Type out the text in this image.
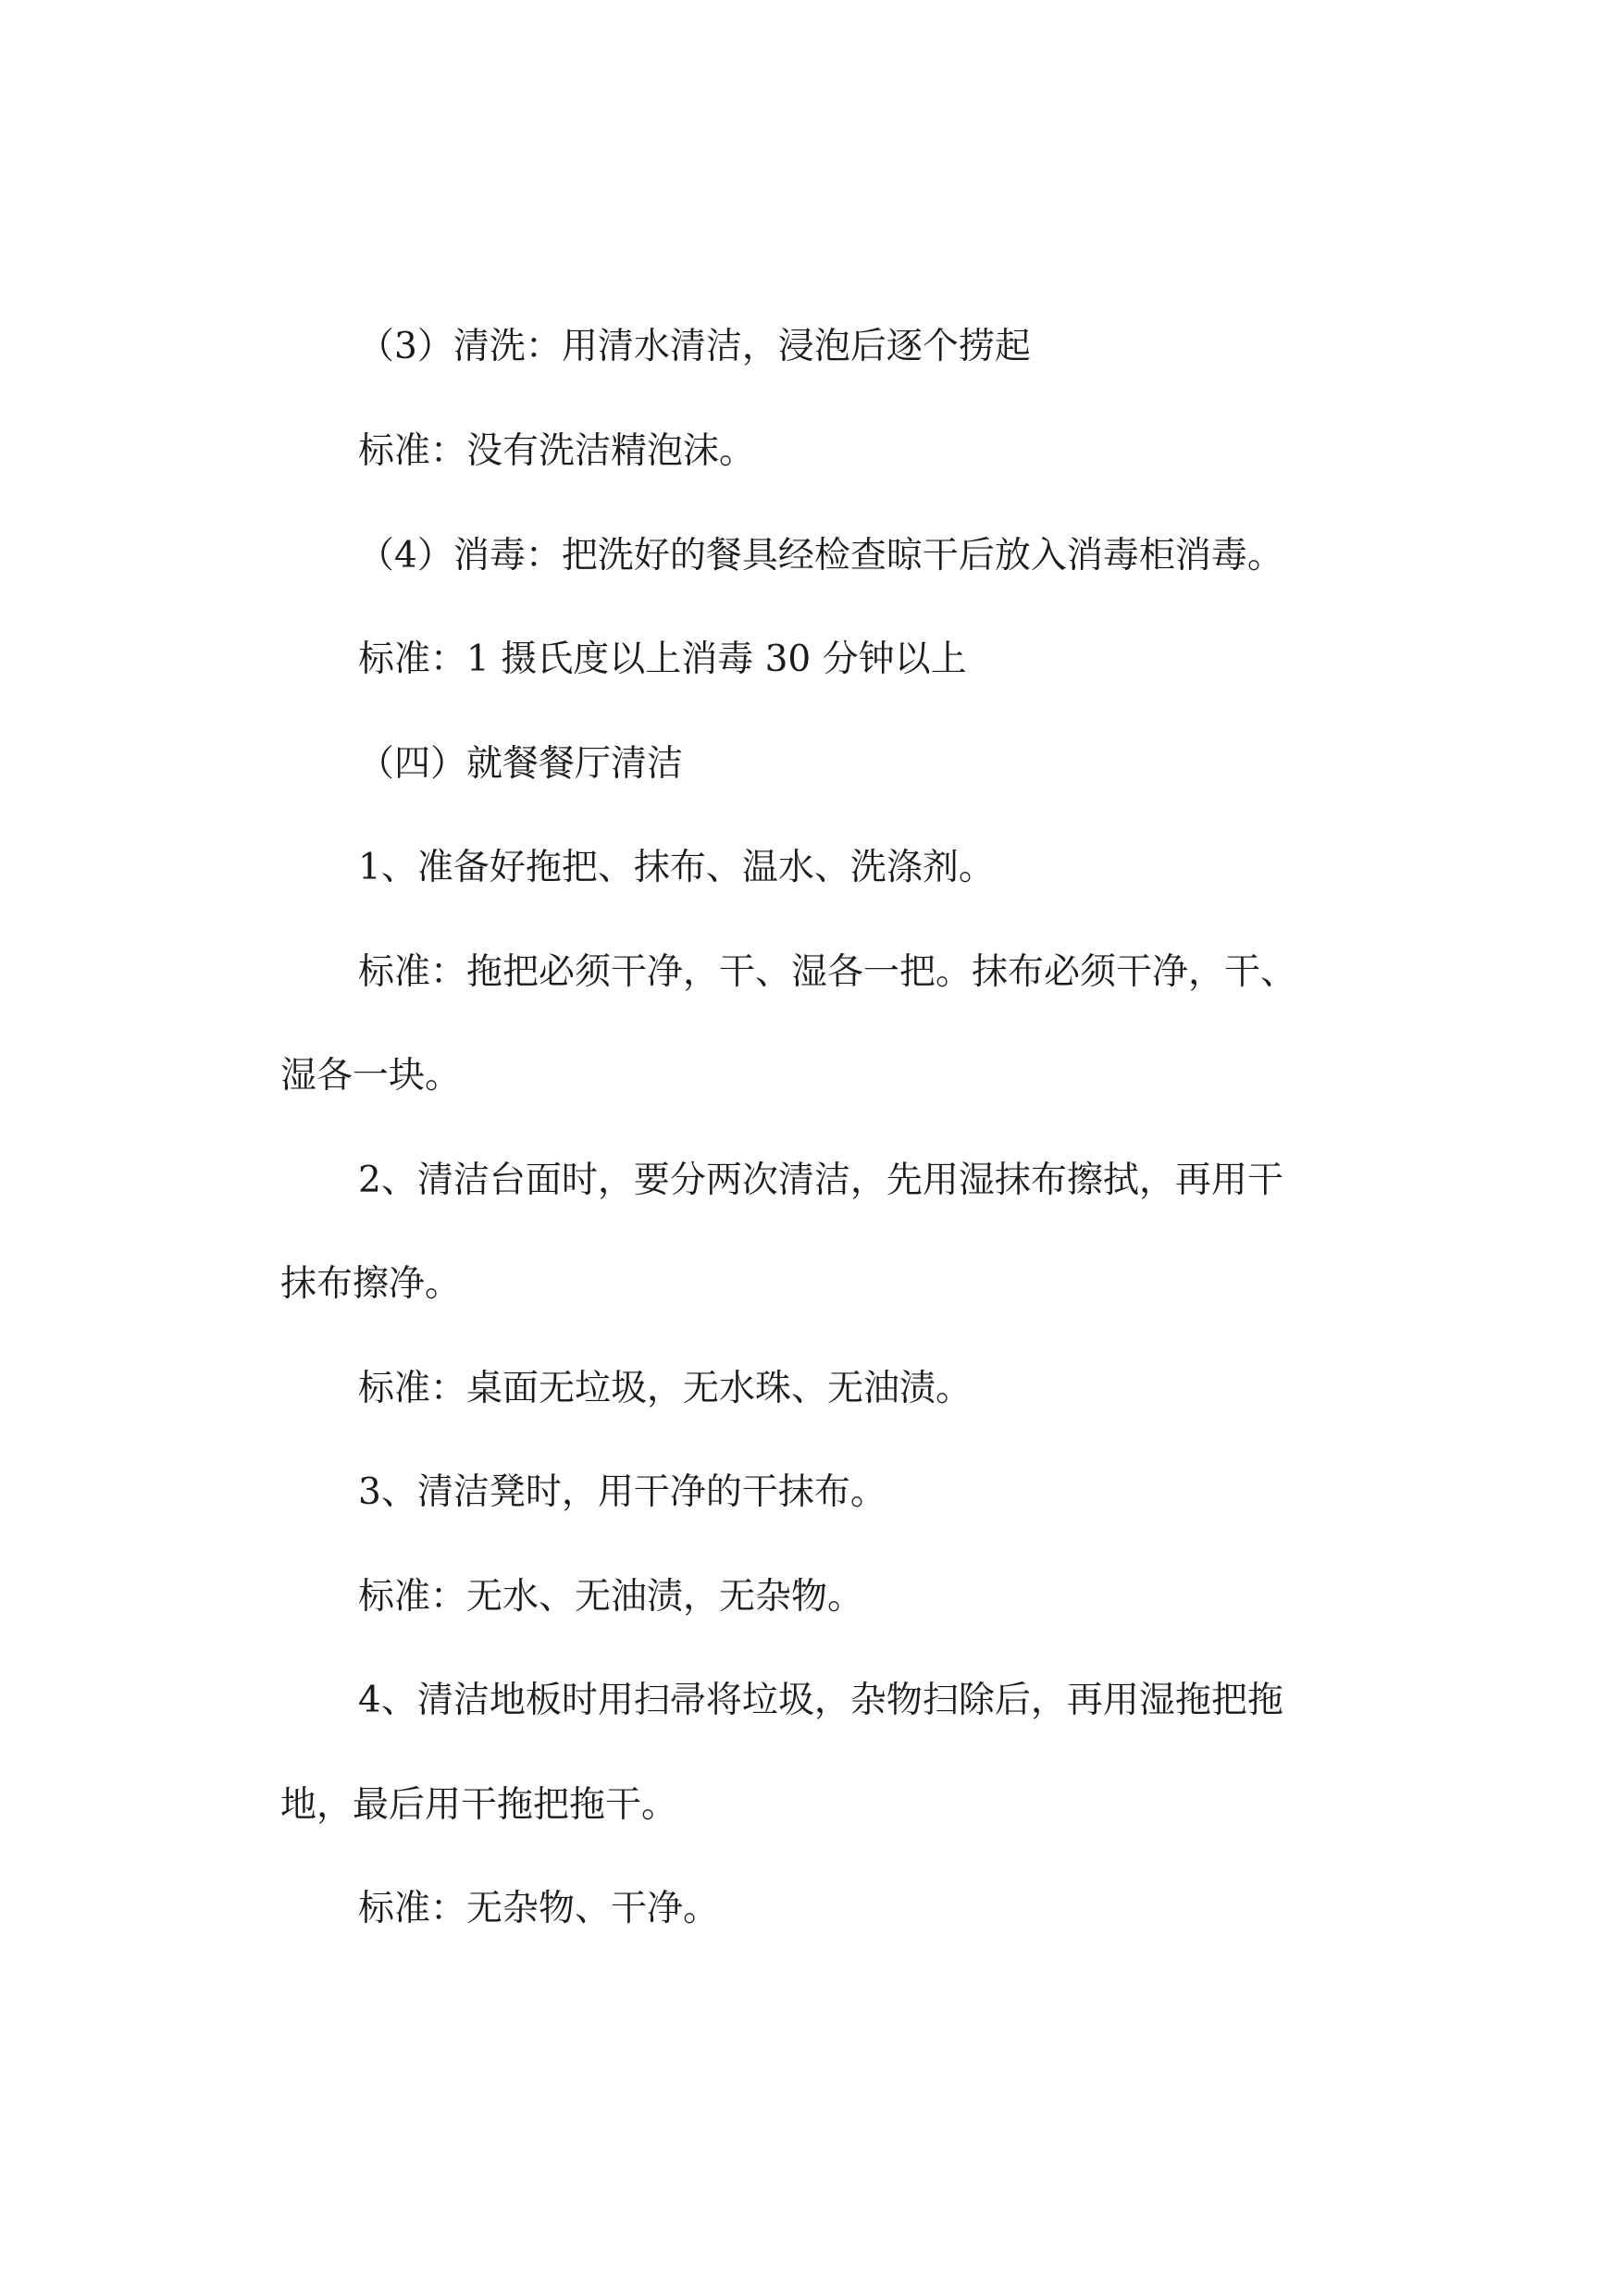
（3）清洗：用清水清洁，浸泡后逐个捞起

标准：没有洗洁精泡沫。

（4）消毒：把洗好的餐具经检查晾干后放入消毒柜消毒。

标准：1 摄氏度以上消毒 30 分钟以上

（四）就餐餐厅清洁

1、准备好拖把、抹布、温水、洗涤剂。

标准：拖把必须干净，干、湿各一把。抹布必须干净，干、

湿各一块。

2、清洁台面时，要分两次清洁，先用湿抹布擦拭，再用干

抹布擦净。

标准：桌面无垃圾，无水珠、无油渍。

3、清洁凳时，用干净的干抹布。

标准：无水、无油渍，无杂物。

4、清洁地板时用扫帚将垃圾，杂物扫除后，再用湿拖把拖

地，最后用干拖把拖干。

标准：无杂物、干净。
